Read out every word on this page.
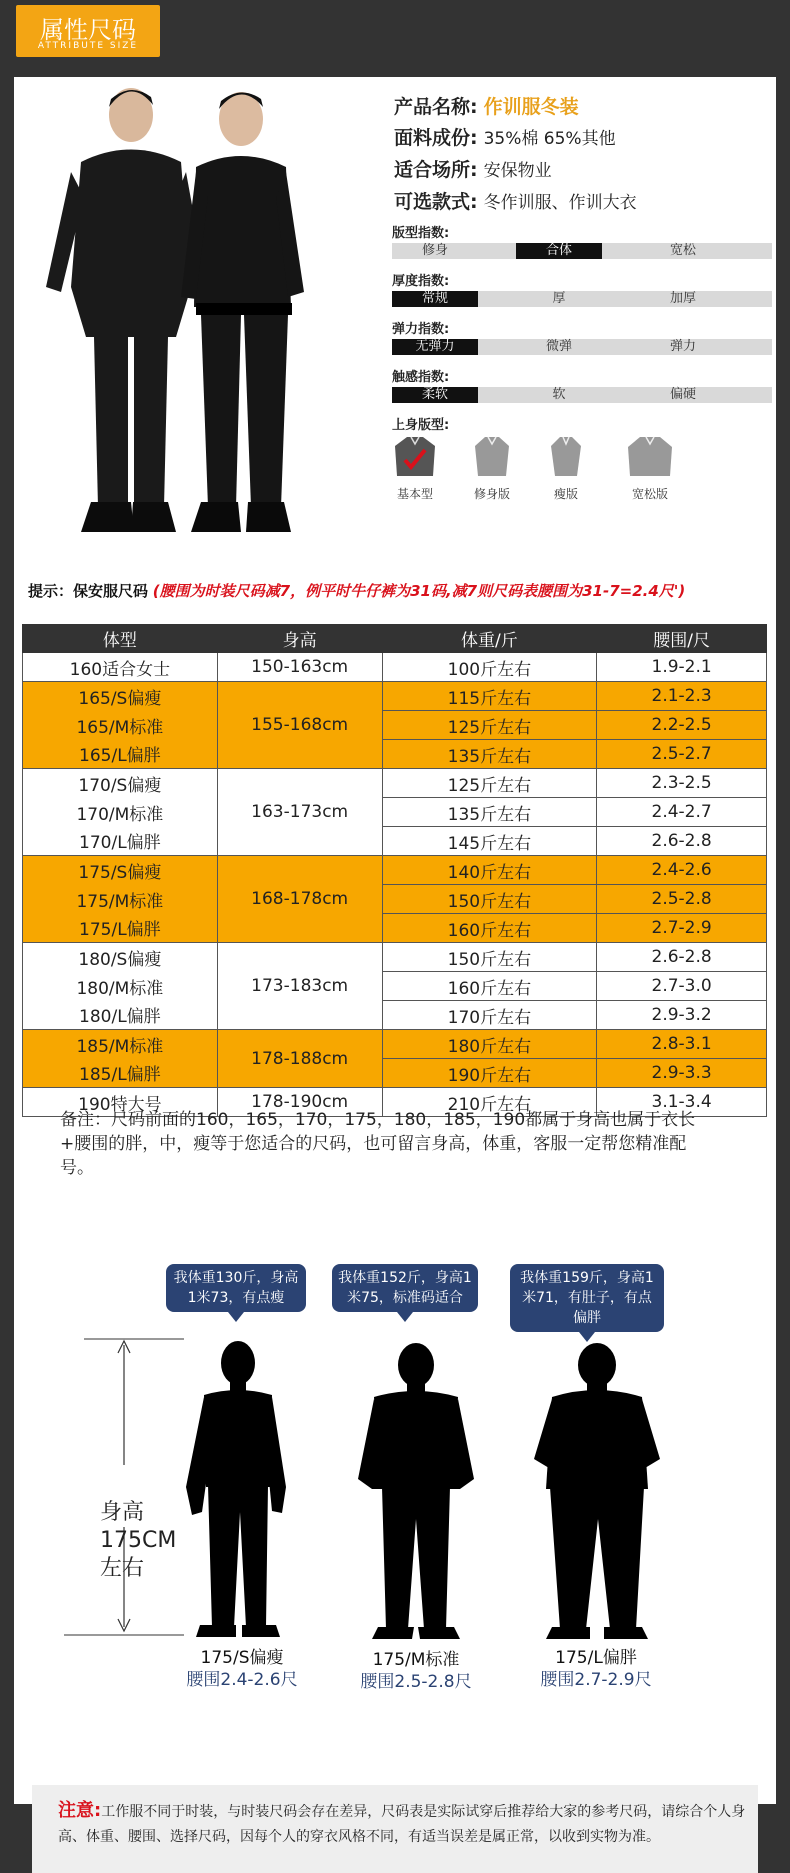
属性尺码
ATTRIBUTE SIZE
产品名称: 作训服冬装
面料成份: 35%棉 65%其他
适合场所: 安保物业
可选款式: 冬作训服、作训大衣
版型指数:
修身	合体	宽松
厚度指数:
常规	厚	加厚
弹力指数:
无弹力	微弹	弹力
触感指数:
柔软	软	偏硬
上身版型:
基本型	修身版	瘦版	宽松版
提示：保安服尺码 (腰围为时装尺码减7，例平时牛仔裤为31码,减7则尺码表腰围为31-7=2.4尺')
体型	身高	体重/斤	腰围/尺
160适合女士	150-163cm	100斤左右	1.9-2.1
165/S偏瘦	155-168cm	115斤左右	2.1-2.3
165/M标准		125斤左右	2.2-2.5
165/L偏胖		135斤左右	2.5-2.7
170/S偏瘦	163-173cm	125斤左右	2.3-2.5
170/M标准		135斤左右	2.4-2.7
170/L偏胖		145斤左右	2.6-2.8
175/S偏瘦	168-178cm	140斤左右	2.4-2.6
175/M标准		150斤左右	2.5-2.8
175/L偏胖		160斤左右	2.7-2.9
180/S偏瘦	173-183cm	150斤左右	2.6-2.8
180/M标准		160斤左右	2.7-3.0
180/L偏胖		170斤左右	2.9-3.2
185/M标准	178-188cm	180斤左右	2.8-3.1
185/L偏胖		190斤左右	2.9-3.3
190特大号	178-190cm	210斤左右	3.1-3.4
备注：尺码前面的160，165，170，175，180，185，190都属于身高也属于衣长+腰围的胖，中，瘦等于您适合的尺码，也可留言身高，体重，客服一定帮您精准配号。
我体重130斤，身高1米73，有点瘦
我体重152斤，身高1米75，标准码适合
我体重159斤，身高1米71，有肚子，有点偏胖
身高
175CM
左右
175/S偏瘦
腰围2.4-2.6尺
175/M标准
腰围2.5-2.8尺
175/L偏胖
腰围2.7-2.9尺

注意:工作服不同于时装，与时装尺码会存在差异，尺码表是实际试穿后推荐给大家的参考尺码，请综合个人身高、体重、腰围、选择尺码，因每个人的穿衣风格不同，有适当误差是属正常，以收到实物为准。
